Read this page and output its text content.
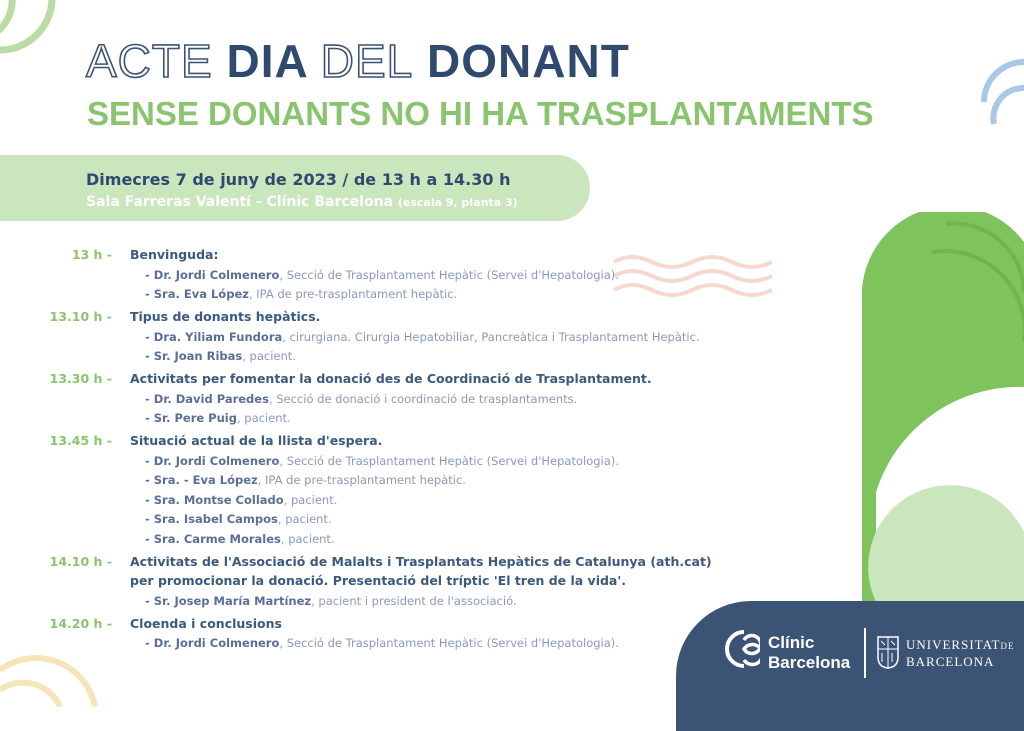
ACTE DIA DEL DONANT
SENSE DONANTS NO HI HA TRASPLANTAMENTS
Dimecres 7 de juny de 2023 / de 13 h a 14.30 h
Sala Farreras Valentí - Clínic Barcelona (escala 9, planta 3)
13 h - Benvinguda:
- Dr. Jordi Colmenero, Secció de Trasplantament Hepàtic (Servei d'Hepatologia).
- Sra. Eva López, IPA de pre-trasplantament hepàtic.
13.10 h - Tipus de donants hepàtics.
- Dra. Yiliam Fundora, cirurgiana. Cirurgia Hepatobiliar, Pancreàtica i Trasplantament Hepàtic.
- Sr. Joan Ribas, pacient.
13.30 h - Activitats per fomentar la donació des de Coordinació de Trasplantament.
- Dr. David Paredes, Secció de donació i coordinació de trasplantaments.
- Sr. Pere Puig, pacient.
13.45 h - Situació actual de la llista d'espera.
- Dr. Jordi Colmenero, Secció de Trasplantament Hepàtic (Servei d'Hepatologia).
- Sra. - Eva López, IPA de pre-trasplantament hepàtic.
- Sra. Montse Collado, pacient.
- Sra. Isabel Campos, pacient.
- Sra. Carme Morales, pacient.
14.10 h - Activitats de l'Associació de Malalts i Trasplantats Hepàtics de Catalunya (ath.cat)
per promocionar la donació. Presentació del tríptic 'El tren de la vida'.
- Sr. Josep María Martínez, pacient i president de l'associació.
14.20 h - Cloenda i conclusions
- Dr. Jordi Colmenero, Secció de Trasplantament Hepàtic (Servei d'Hepatologia).	Clínic
Barcelona
UNIVERSITATDE
BARCELONA
